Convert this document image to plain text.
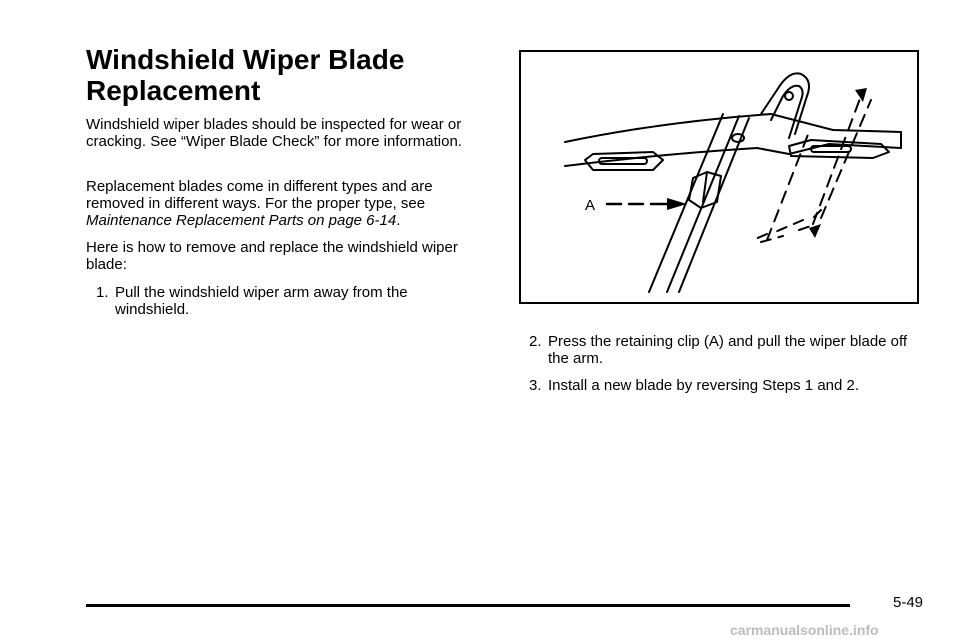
Windshield Wiper Blade
Replacement

Windshield wiper blades should be inspected for wear or cracking. See “Wiper Blade Check” for more information.

Replacement blades come in different types and are removed in different ways. For the proper type, see Maintenance Replacement Parts on page 6-14.

Here is how to remove and replace the windshield wiper blade:

1. Pull the windshield wiper arm away from the windshield.
A
2. Press the retaining clip (A) and pull the wiper blade off the arm.
3. Install a new blade by reversing Steps 1 and 2.
5-49
carmanualsonline.info
